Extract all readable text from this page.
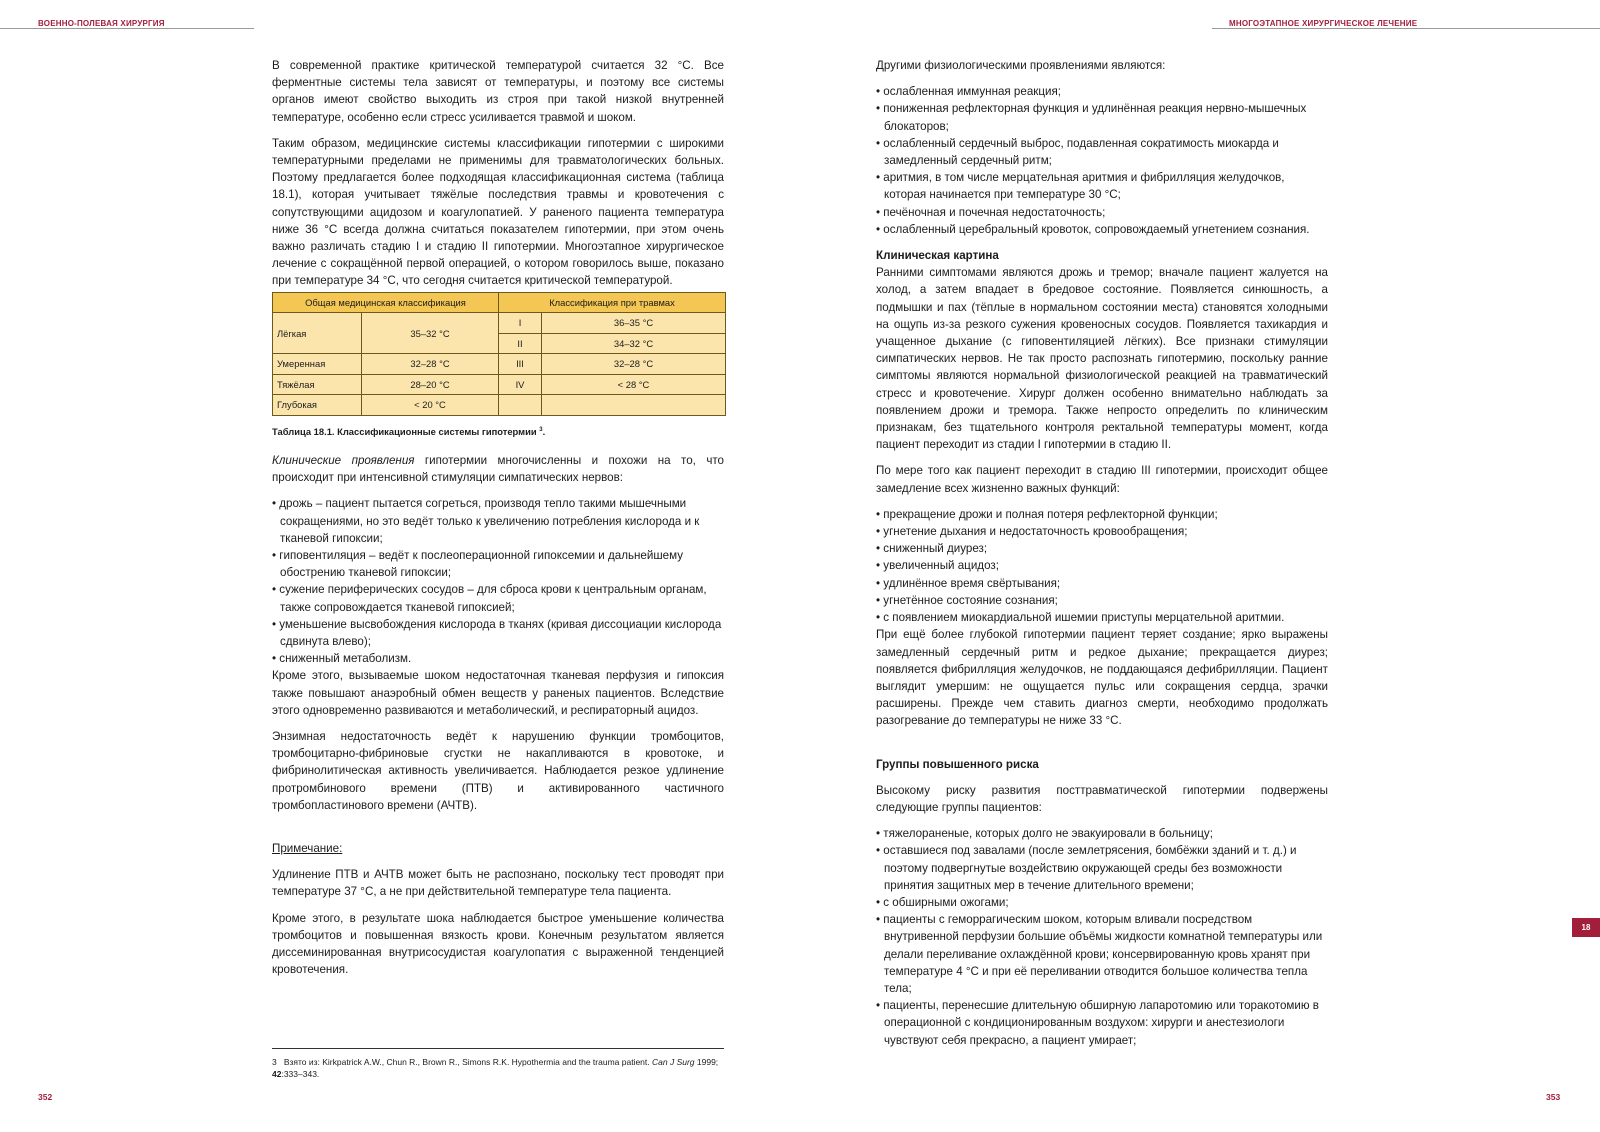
ВОЕННО-ПОЛЕВАЯ ХИРУРГИЯ	МНОГОЭТАПНОЕ ХИРУРГИЧЕСКОЕ ЛЕЧЕНИЕ

В современной практике критической температурой считается 32 °C. Все ферментные системы тела зависят от температуры, и поэтому все системы органов имеют свойство выходить из строя при такой низкой внутренней температуре, особенно если стресс усиливается травмой и шоком.

Таким образом, медицинские системы классификации гипотермии с широкими температурными пределами не применимы для травматологических больных. Поэтому предлагается более подходящая классификационная система (таблица 18.1), которая учитывает тяжёлые последствия травмы и кровотечения с сопутствующими ацидозом и коагулопатией. У раненого пациента температура ниже 36 °C всегда должна считаться показателем гипотермии, при этом очень важно различать стадию I и стадию II гипотермии. Многоэтапное хирургическое лечение с сокращённой первой операцией, о котором говорилось выше, показано при температуре 34 °C, что сегодня считается критической температурой.

Общая медицинская классификация		Классификация при травмах	
Лёгкая	35–32 °C	I	36–35 °C
		II	34–32 °C
Умеренная	32–28 °C	III	32–28 °C
Тяжёлая	28–20 °C	IV	< 28 °C
Глубокая	< 20 °C		
Таблица 18.1. Классификационные системы гипотермии $^3$.

Клинические проявления гипотермии многочисленны и похожи на то, что происходит при интенсивной стимуляции симпатических нервов:

• дрожь – пациент пытается согреться, производя тепло такими мышечными сокращениями, но это ведёт только к увеличению потребления кислорода и к тканевой гипоксии;
• гиповентиляция – ведёт к послеоперационной гипоксемии и дальнейшему обострению тканевой гипоксии;
• сужение периферических сосудов – для сброса крови к центральным органам, также сопровождается тканевой гипоксией;
• уменьшение высвобождения кислорода в тканях (кривая диссоциации кислорода сдвинута влево);
• сниженный метаболизм.

Кроме этого, вызываемые шоком недостаточная тканевая перфузия и гипоксия также повышают анаэробный обмен веществ у раненых пациентов. Вследствие этого одновременно развиваются и метаболический, и респираторный ацидоз.

Энзимная недостаточность ведёт к нарушению функции тромбоцитов, тромбоцитарно-фибриновые сгустки не накапливаются в кровотоке, и фибринолитическая активность увеличивается. Наблюдается резкое удлинение протромбинового времени (ПТВ) и активированного частичного тромбопластинового времени (АЧТВ).

Примечание:

Удлинение ПТВ и АЧТВ может быть не распознано, поскольку тест проводят при температуре 37 °C, а не при действительной температуре тела пациента.

Кроме этого, в результате шока наблюдается быстрое уменьшение количества тромбоцитов и повышенная вязкость крови. Конечным результатом является диссеминированная внутрисосудистая коагулопатия с выраженной тенденцией кровотечения.

3 Взято из: Kirkpatrick A.W., Chun R., Brown R., Simons R.K. Hypothermia and the trauma patient. Can J Surg 1999; 42:333–343.

Другими физиологическими проявлениями являются:

• ослабленная иммунная реакция;
• пониженная рефлекторная функция и удлинённая реакция нервно-мышечных блокаторов;
• ослабленный сердечный выброс, подавленная сократимость миокарда и замедленный сердечный ритм;
• аритмия, в том числе мерцательная аритмия и фибрилляция желудочков, которая начинается при температуре 30 °C;
• печёночная и почечная недостаточность;
• ослабленный церебральный кровоток, сопровождаемый угнетением сознания.
Клиническая картина

Ранними симптомами являются дрожь и тремор; вначале пациент жалуется на холод, а затем впадает в бредовое состояние. Появляется синюшность, а подмышки и пах (тёплые в нормальном состоянии места) становятся холодными на ощупь из-за резкого сужения кровеносных сосудов. Появляется тахикардия и учащенное дыхание (с гиповентиляцией лёгких). Все признаки стимуляции симпатических нервов. Не так просто распознать гипотермию, поскольку ранние симптомы являются нормальной физиологической реакцией на травматический стресс и кровотечение. Хирург должен особенно внимательно наблюдать за появлением дрожи и тремора. Также непросто определить по клиническим признакам, без тщательного контроля ректальной температуры момент, когда пациент переходит из стадии I гипотермии в стадию II.

По мере того как пациент переходит в стадию III гипотермии, происходит общее замедление всех жизненно важных функций:

• прекращение дрожи и полная потеря рефлекторной функции;
• угнетение дыхания и недостаточность кровообращения;
• сниженный диурез;
• увеличенный ацидоз;
• удлинённое время свёртывания;
• угнетённое состояние сознания;
• с появлением миокардиальной ишемии приступы мерцательной аритмии.

При ещё более глубокой гипотермии пациент теряет создание; ярко выражены замедленный сердечный ритм и редкое дыхание; прекращается диурез; появляется фибрилляция желудочков, не поддающаяся дефибрилляции. Пациент выглядит умершим: не ощущается пульс или сокращения сердца, зрачки расширены. Прежде чем ставить диагноз смерти, необходимо продолжать разогревание до температуры не ниже 33 °C.

Группы повышенного риска

Высокому риску развития посттравматической гипотермии подвержены следующие группы пациентов:

• тяжелораненые, которых долго не эвакуировали в больницу;
• оставшиеся под завалами (после землетрясения, бомбёжки зданий и т. д.) и поэтому подвергнутые воздействию окружающей среды без возможности принятия защитных мер в течение длительного времени;
• с обширными ожогами;
• пациенты с геморрагическим шоком, которым вливали посредством внутривенной перфузии большие объёмы жидкости комнатной температуры или делали переливание охлаждённой крови; консервированную кровь хранят при температуре 4 °C и при её переливании отводится большое количества тепла тела;
• пациенты, перенесшие длительную обширную лапаротомию или торакотомию в операционной с кондиционированным воздухом: хирурги и анестезиологи чувствуют себя прекрасно, а пациент умирает;
18
352	353
